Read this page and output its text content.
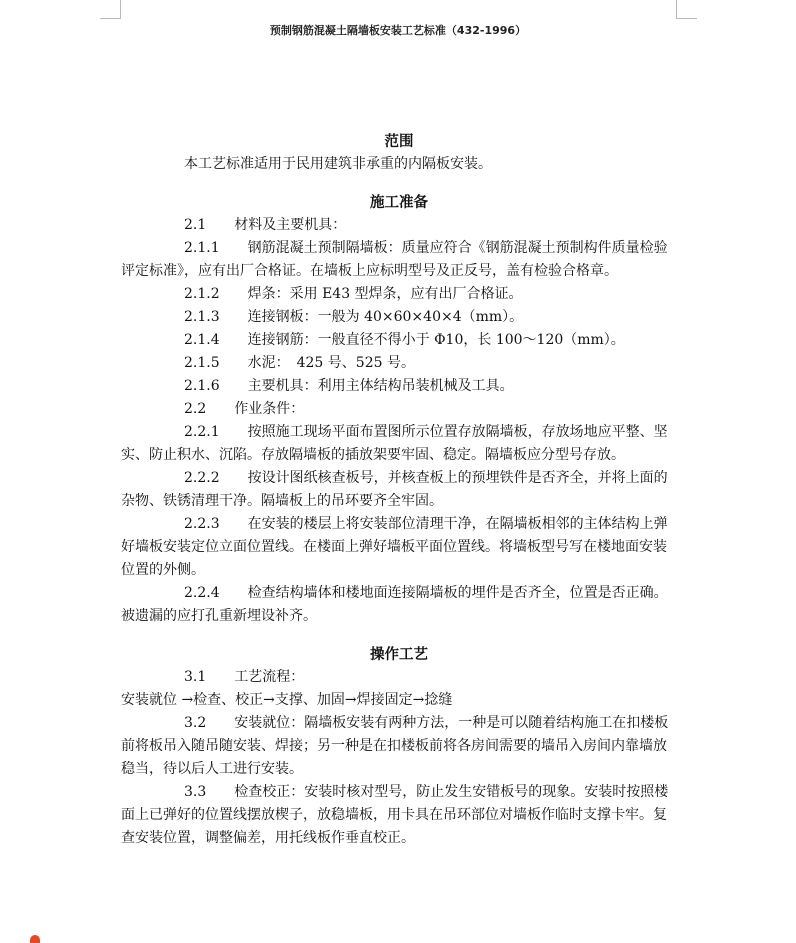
预制钢筋混凝土隔墙板安装工艺标准（432-1996）

范围

本工艺标准适用于民用建筑非承重的内隔板安装。

施工准备

2.1　　材料及主要机具：

2.1.1　　钢筋混凝土预制隔墙板：质量应符合《钢筋混凝土预制构件质量检验评定标准》，应有出厂合格证。在墙板上应标明型号及正反号，盖有检验合格章。

2.1.2　　焊条：采用 E43 型焊条，应有出厂合格证。

2.1.3　　连接钢板：一般为 40×60×40×4（mm）。

2.1.4　　连接钢筋：一般直径不得小于 Φ10，长 100～120（mm）。

2.1.5　　水泥：　425 号、525 号。

2.1.6　　主要机具：利用主体结构吊装机械及工具。

2.2　　作业条件：

2.2.1　　按照施工现场平面布置图所示位置存放隔墙板，存放场地应平整、坚实、防止积水、沉陷。存放隔墙板的插放架要牢固、稳定。隔墙板应分型号存放。

2.2.2　　按设计图纸核查板号，并核查板上的预埋铁件是否齐全，并将上面的杂物、铁锈清理干净。隔墙板上的吊环要齐全牢固。

2.2.3　　在安装的楼层上将安装部位清理干净，在隔墙板相邻的主体结构上弹好墙板安装定位立面位置线。在楼面上弹好墙板平面位置线。将墙板型号写在楼地面安装位置的外侧。

2.2.4　　检查结构墙体和楼地面连接隔墙板的埋件是否齐全，位置是否正确。被遗漏的应打孔重新埋设补齐。

操作工艺

3.1　　工艺流程：

安装就位 →检查、校正→支撑、加固→焊接固定→捻缝

3.2　　安装就位：隔墙板安装有两种方法，一种是可以随着结构施工在扣楼板前将板吊入随吊随安装、焊接；另一种是在扣楼板前将各房间需要的墙吊入房间内靠墙放稳当，待以后人工进行安装。

3.3　　检查校正：安装时核对型号，防止发生安错板号的现象。安装时按照楼面上已弹好的位置线摆放楔子，放稳墙板，用卡具在吊环部位对墙板作临时支撑卡牢。复查安装位置，调整偏差，用托线板作垂直校正。
